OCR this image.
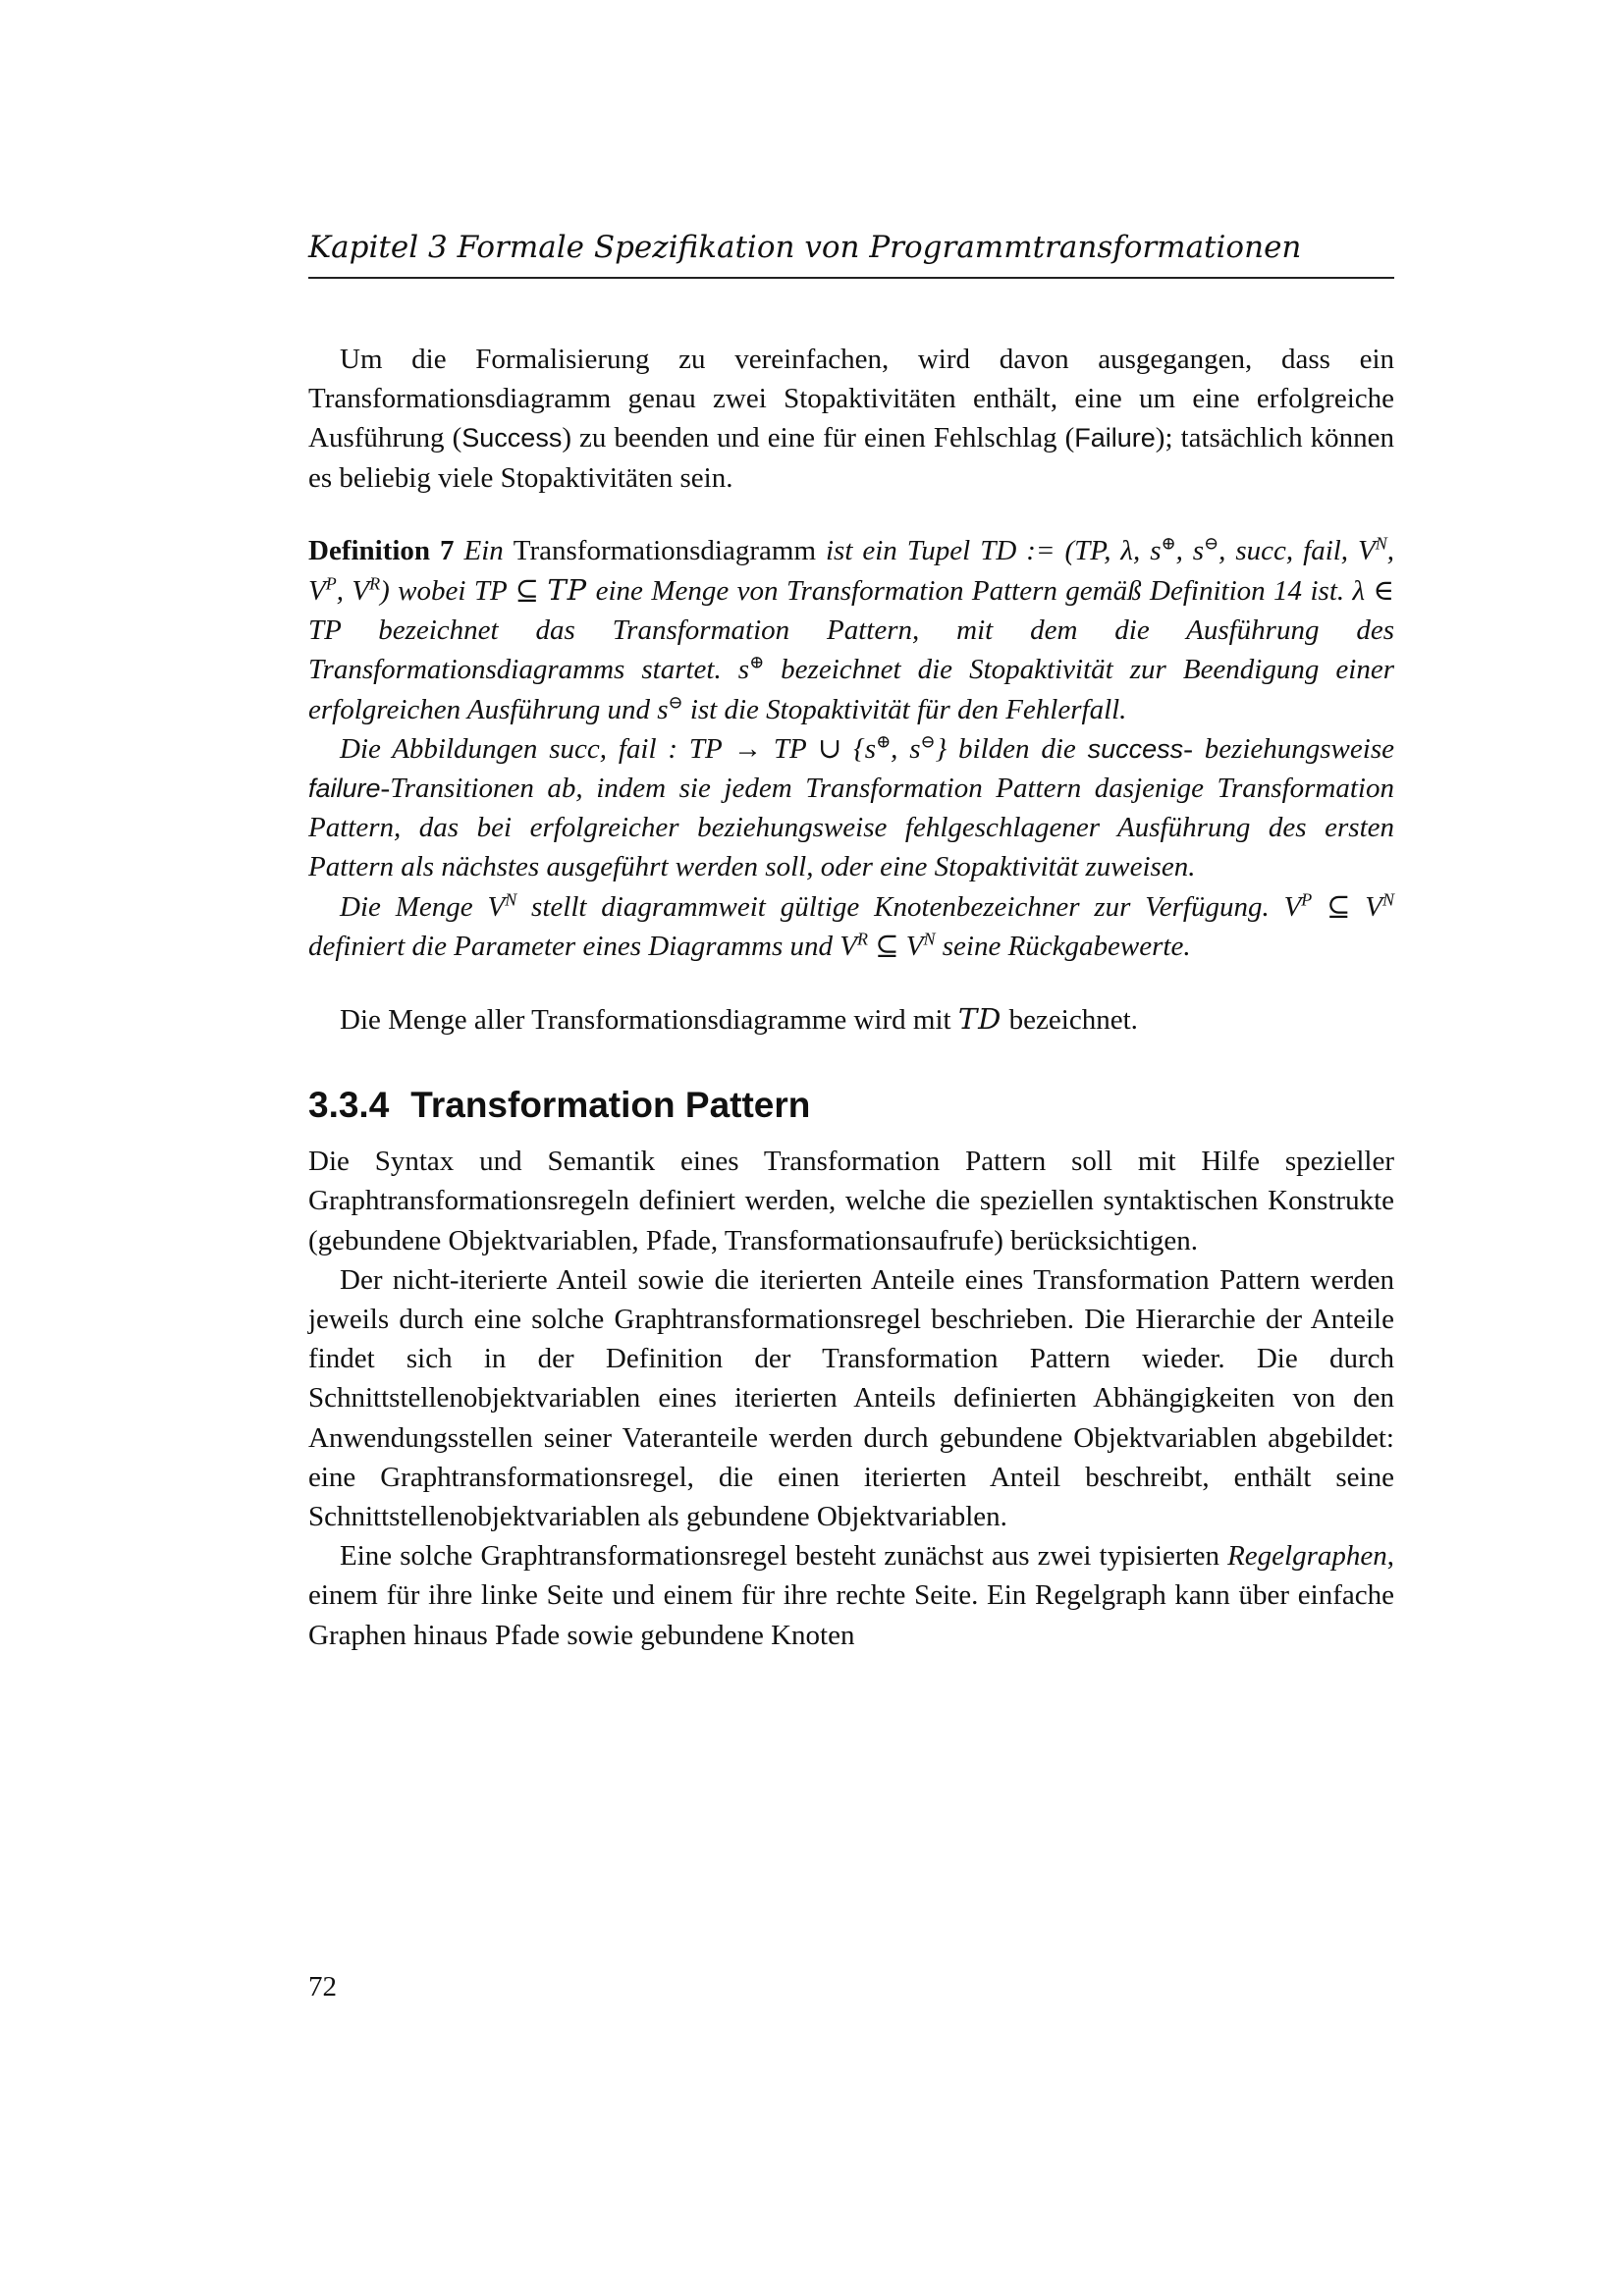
Kapitel 3 Formale Spezifikation von Programmtransformationen

Um die Formalisierung zu vereinfachen, wird davon ausgegangen, dass ein Transformationsdiagramm genau zwei Stopaktivitäten enthält, eine um eine erfolgreiche Ausführung (Success) zu beenden und eine für einen Fehlschlag (Failure); tatsächlich können es beliebig viele Stopaktivitäten sein.

Definition 7 Ein Transformationsdiagramm ist ein Tupel TD := (TP, λ, s⊕, s⊖, succ, fail, $V^N$, $V^P$, $V^R$) wobei TP ⊆ TP eine Menge von Transformation Pattern gemäß Definition 14 ist. λ ∈ TP bezeichnet das Transformation Pattern, mit dem die Ausführung des Transformationsdiagramms startet. s⊕ bezeichnet die Stopaktivität zur Beendigung einer erfolgreichen Ausführung und s⊖ ist die Stopaktivität für den Fehlerfall.

Die Abbildungen succ, fail : TP → TP ∪ {s⊕, s⊖} bilden die success- beziehungsweise failure-Transitionen ab, indem sie jedem Transformation Pattern dasjenige Transformation Pattern, das bei erfolgreicher beziehungsweise fehlgeschlagener Ausführung des ersten Pattern als nächstes ausgeführt werden soll, oder eine Stopaktivität zuweisen.

Die Menge $V^N$ stellt diagrammweit gültige Knotenbezeichner zur Verfügung. $V^P$ ⊆ $V^N$ definiert die Parameter eines Diagramms und $V^R$ ⊆ $V^N$ seine Rückgabewerte.

Die Menge aller Transformationsdiagramme wird mit TD bezeichnet.

3.3.4 Transformation Pattern

Die Syntax und Semantik eines Transformation Pattern soll mit Hilfe spezieller Graphtransformationsregeln definiert werden, welche die speziellen syntaktischen Konstrukte (gebundene Objektvariablen, Pfade, Transformationsaufrufe) berücksichtigen.

Der nicht-iterierte Anteil sowie die iterierten Anteile eines Transformation Pattern werden jeweils durch eine solche Graphtransformationsregel beschrieben. Die Hierarchie der Anteile findet sich in der Definition der Transformation Pattern wieder. Die durch Schnittstellenobjektvariablen eines iterierten Anteils definierten Abhängigkeiten von den Anwendungsstellen seiner Vateranteile werden durch gebundene Objektvariablen abgebildet: eine Graphtransformationsregel, die einen iterierten Anteil beschreibt, enthält seine Schnittstellenobjektvariablen als gebundene Objektvariablen.

Eine solche Graphtransformationsregel besteht zunächst aus zwei typisierten Regelgraphen, einem für ihre linke Seite und einem für ihre rechte Seite. Ein Regelgraph kann über einfache Graphen hinaus Pfade sowie gebundene Knoten

72
